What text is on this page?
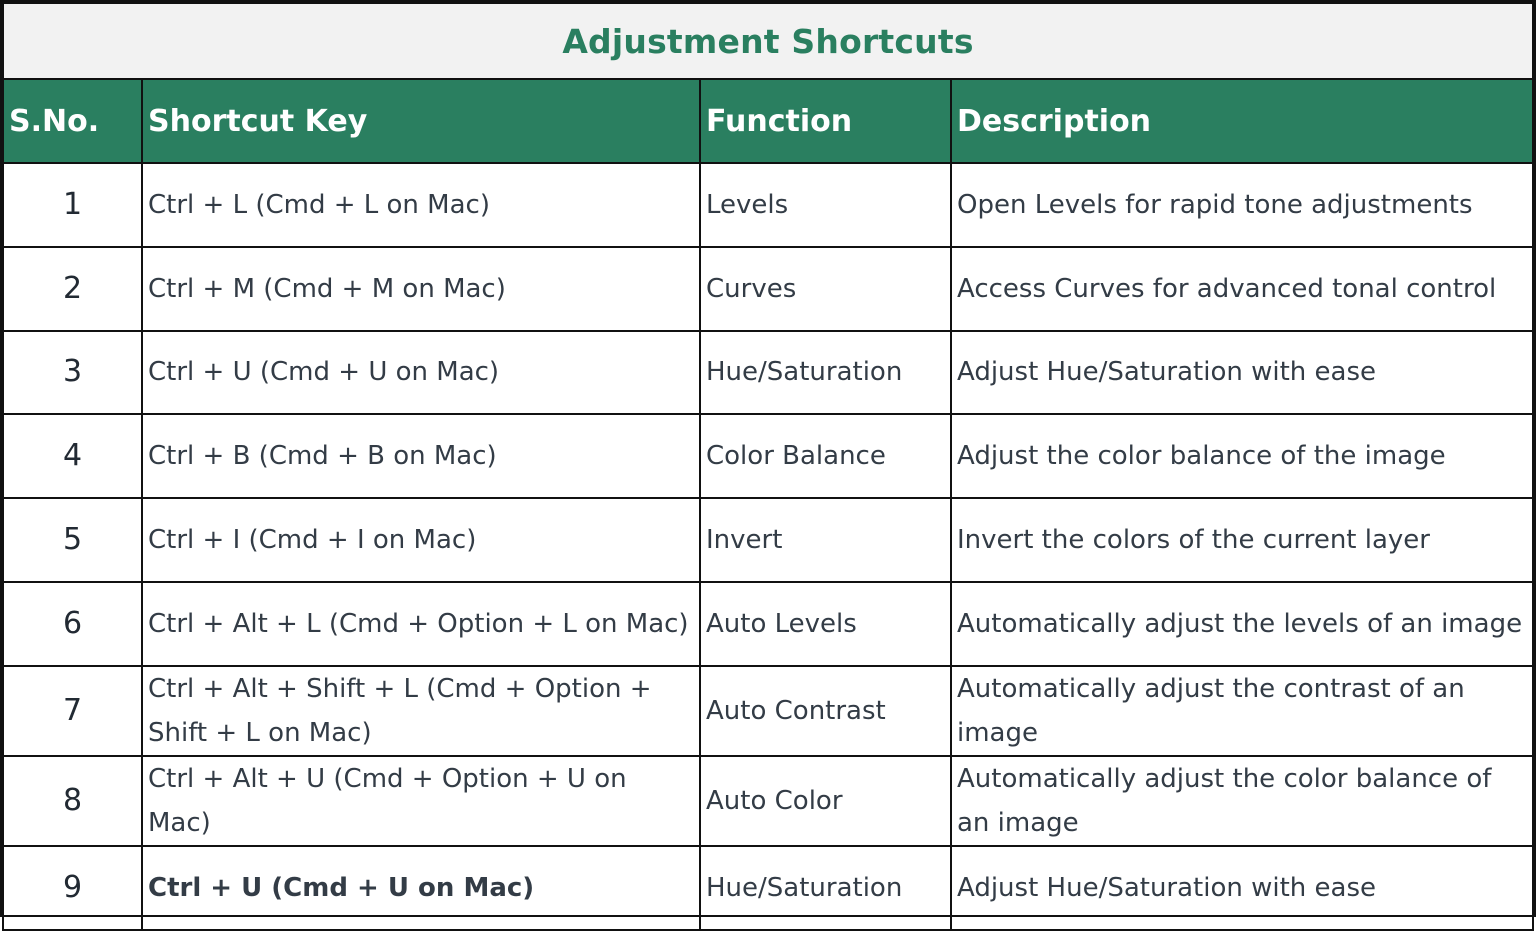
Adjustment Shortcuts			
S.No.	Shortcut Key	Function	Description
1	Ctrl + L (Cmd + L on Mac)	Levels	Open Levels for rapid tone adjustments
2	Ctrl + M (Cmd + M on Mac)	Curves	Access Curves for advanced tonal control
3	Ctrl + U (Cmd + U on Mac)	Hue/Saturation	Adjust Hue/Saturation with ease
4	Ctrl + B (Cmd + B on Mac)	Color Balance	Adjust the color balance of the image
5	Ctrl + I (Cmd + I on Mac)	Invert	Invert the colors of the current layer
6	Ctrl + Alt + L (Cmd + Option + L on Mac)	Auto Levels	Automatically adjust the levels of an image
7	Ctrl + Alt + Shift + L (Cmd + Option + Shift + L on Mac)	Auto Contrast	Automatically adjust the contrast of an image
8	Ctrl + Alt + U (Cmd + Option + U on Mac)	Auto Color	Automatically adjust the color balance of an image
9	Ctrl + U (Cmd + U on Mac)	Hue/Saturation	Adjust Hue/Saturation with ease
